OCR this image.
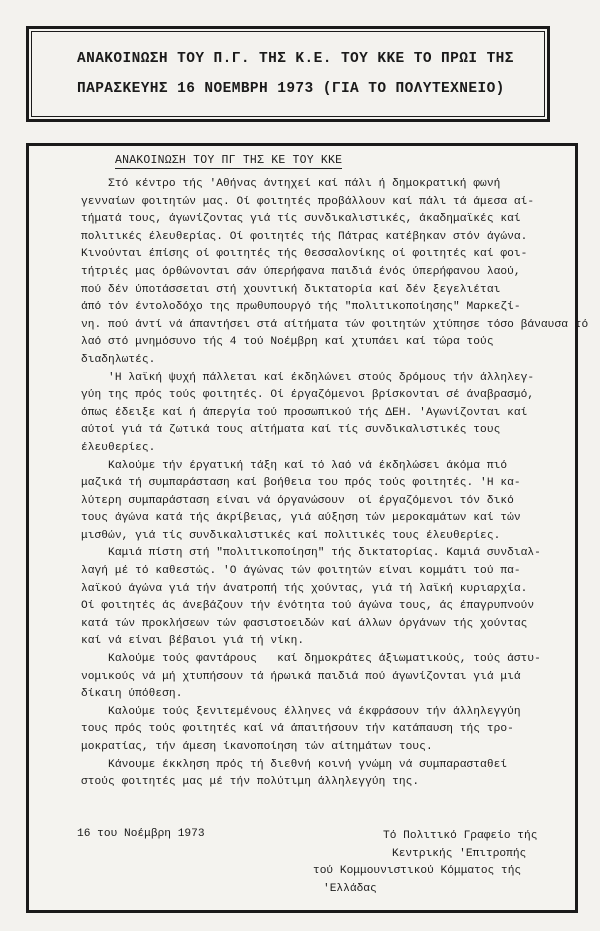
ΑΝΑΚΟΙΝΩΣΗ ΤΟΥ Π.Γ. ΤΗΣ Κ.Ε. ΤΟΥ ΚΚΕ ΤΟ ΠΡΩΙ ΤΗΣ
ΠΑΡΑΣΚΕΥΗΣ 16 ΝΟΕΜΒΡΗ 1973 (ΓΙΑ ΤΟ ΠΟΛΥΤΕΧΝΕΙΟ)
ΑΝΑΚΟΙΝΩΣΗ ΤΟΥ ΠΓ ΤΗΣ ΚΕ ΤΟΥ ΚΚΕ
Στό κέντρο τής 'Αθήνας άντηχεί καί πάλι ή δημοκρατική φωνή
γενναίων φοιτητών μας. Οί φοιτητές προβάλλουν καί πάλι τά άμεσα αί-
τήματά τους, άγωνίζοντας γιά τίς συνδικαλιστικές, άκαδημαϊκές καί
πολιτικές έλευθερίας. Οί φοιτητές τής Πάτρας κατέβηκαν στόν άγώνα.
Κινούνται έπίσης οί φοιτητές τής Θεσσαλονίκης οί φοιτητές καί φοι-
τήτριές μας όρθώνονται σάν ύπερήφανα παιδιά ένός ύπερήφανου λαού,
πού δέν ύποτάσσεται στή χουντική δικτατορία καί δέν ξεγελιέται
άπό τόν έντολοδόχο της πρωθυπουργό τής "πολιτικοποίησης" Μαρκεζί-
νη. πού άντί νά άπαντήσει στά αίτήματα τών φοιτητών χτύπησε τόσο βάναυσα τό
λαό στό μνημόσυνο τής 4 τού Νοέμβρη καί χτυπάει καί τώρα τούς
διαδηλωτές.
'Η λαϊκή ψυχή πάλλεται καί έκδηλώνει στούς δρόμους τήν άλληλεγ-
γύη της πρός τούς φοιτητές. Οί έργαζόμενοι βρίσκονται σέ άναβρασμό,
όπως έδειξε καί ή άπεργία τού προσωπικού τής ΔΕΗ. 'Αγωνίζονται καί
αύτοί γιά τά ζωτικά τους αίτήματα καί τίς συνδικαλιστικές τους
έλευθερίες.
Καλούμε τήν έργατική τάξη καί τό λαό νά έκδηλώσει άκόμα πιό
μαζικά τή συμπαράσταση καί βοήθεια του πρός τούς φοιτητές. 'Η κα-
λύτερη συμπαράσταση είναι νά όργανώσουν  οί έργαζόμενοι τόν δικό
τους άγώνα κατά τής άκρίβειας, γιά αύξηση τών μεροκαμάτων καί τών
μισθών, γιά τίς συνδικαλιστικές καί πολιτικές τους έλευθερίες.
Καμιά πίστη στή "πολιτικοποίηση" τής δικτατορίας. Καμιά συνδιαλ-
λαγή μέ τό καθεστώς. 'Ο άγώνας τών φοιτητών είναι κομμάτι τού πα-
λαϊκού άγώνα γιά τήν άνατροπή τής χούντας, γιά τή λαϊκή κυριαρχία.
Οί φοιτητές άς άνεβάζουν τήν ένότητα τού άγώνα τους, άς έπαγρυπνούν
κατά τών προκλήσεων τών φασιστοειδών καί άλλων όργάνων τής χούντας
καί νά είναι βέβαιοι γιά τή νίκη.
Καλούμε τούς φαντάρους   καί δημοκράτες άξιωματικούς, τούς άστυ-
νομικούς νά μή χτυπήσουν τά ήρωικά παιδιά πού άγωνίζονται γιά μιά
δίκαιη ύπόθεση.
Καλούμε τούς ξενιτεμένους έλληνες νά έκφράσουν τήν άλληλεγγύη
τους πρός τούς φοιτητές καί νά άπαιτήσουν τήν κατάπαυση τής τρο-
μοκρατίας, τήν άμεση ίκανοποίηση τών αίτημάτων τους.
Κάνουμε έκκληση πρός τή διεθνή κοινή γνώμη νά συμπαρασταθεί
στούς φοιτητές μας μέ τήν πολύτιμη άλληλεγγύη της.
16 του Νοέμβρη 1973	Τό Πολιτικό Γραφείο τής
Κεντρικής 'Επιτροπής
τού Κομμουνιστικού Κόμματος τής
'Ελλάδας
